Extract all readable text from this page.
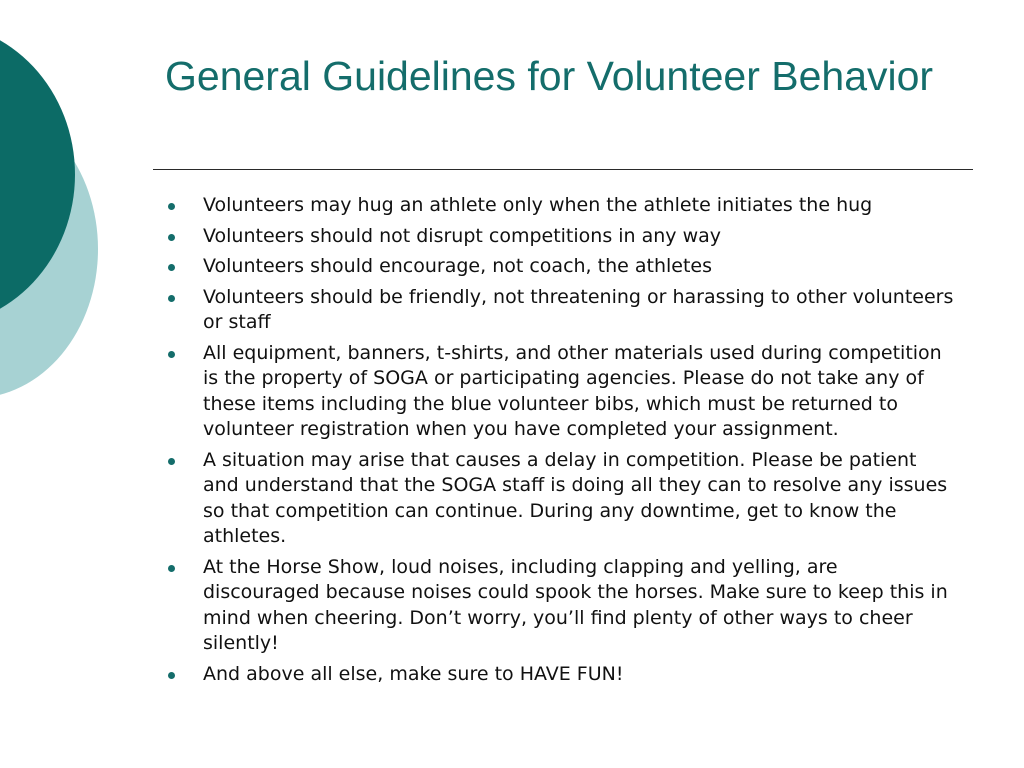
General Guidelines for Volunteer Behavior
Volunteers may hug an athlete only when the athlete initiates the hug
Volunteers should not disrupt competitions in any way
Volunteers should encourage, not coach, the athletes
Volunteers should be friendly, not threatening or harassing to other volunteers or staff
All equipment, banners, t-shirts, and other materials used during competition is the property of SOGA or participating agencies. Please do not take any of these items including the blue volunteer bibs, which must be returned to volunteer registration when you have completed your assignment.
A situation may arise that causes a delay in competition. Please be patient and understand that the SOGA staff is doing all they can to resolve any issues so that competition can continue. During any downtime, get to know the athletes.
At the Horse Show, loud noises, including clapping and yelling, are discouraged because noises could spook the horses. Make sure to keep this in mind when cheering. Don’t worry, you’ll find plenty of other ways to cheer silently!
And above all else, make sure to HAVE FUN!
